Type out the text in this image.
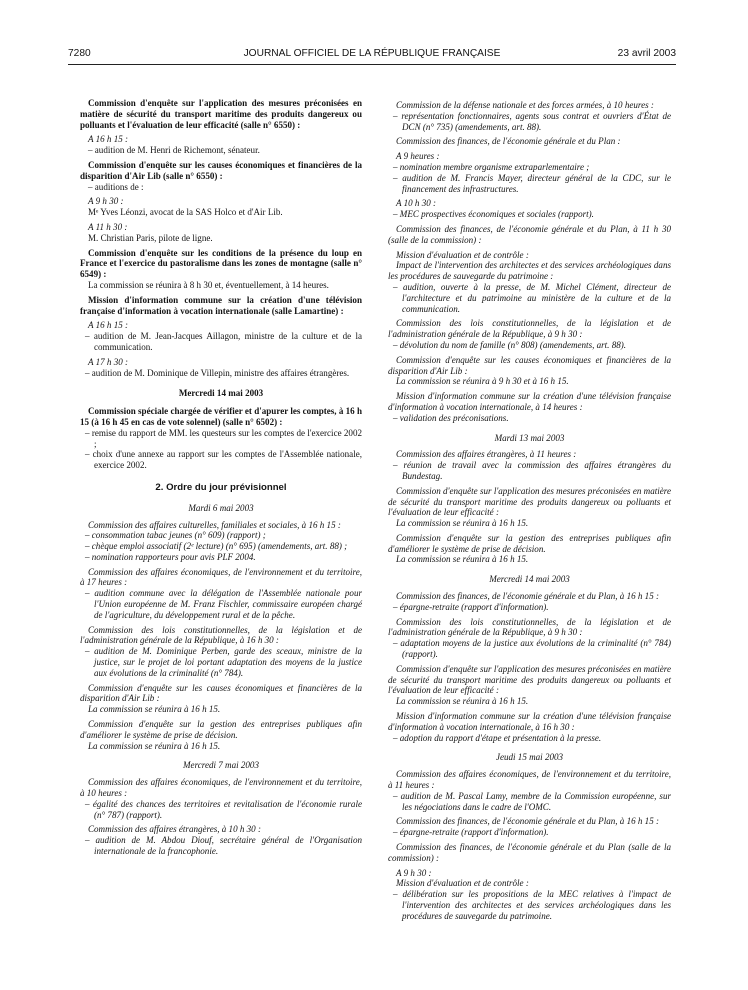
7280	JOURNAL OFFICIEL DE LA RÉPUBLIQUE FRANÇAISE	23 avril 2003

Commission d'enquête sur l'application des mesures préconisées en matière de sécurité du transport maritime des produits dangereux ou polluants et l'évaluation de leur efficacité (salle n° 6550) :

A 16 h 15 :

– audition de M. Henri de Richemont, sénateur.

Commission d'enquête sur les causes économiques et financières de la disparition d'Air Lib (salle n° 6550) :

– auditions de :

A 9 h 30 :

Mᵉ Yves Léonzi, avocat de la SAS Holco et d'Air Lib.

A 11 h 30 :

M. Christian Paris, pilote de ligne.

Commission d'enquête sur les conditions de la présence du loup en France et l'exercice du pastoralisme dans les zones de montagne (salle n° 6549) :

La commission se réunira à 8 h 30 et, éventuellement, à 14 heures.

Mission d'information commune sur la création d'une télévision française d'information à vocation internationale (salle Lamartine) :

A 16 h 15 :

– audition de M. Jean-Jacques Aillagon, ministre de la culture et de la communication.

A 17 h 30 :

– audition de M. Dominique de Villepin, ministre des affaires étrangères.

Mercredi 14 mai 2003

Commission spéciale chargée de vérifier et d'apurer les comptes, à 16 h 15 (à 16 h 45 en cas de vote solennel) (salle n° 6502) :

– remise du rapport de MM. les questeurs sur les comptes de l'exercice 2002 ;

– choix d'une annexe au rapport sur les comptes de l'Assemblée nationale, exercice 2002.

2. Ordre du jour prévisionnel

Mardi 6 mai 2003

Commission des affaires culturelles, familiales et sociales, à 16 h 15 :

– consommation tabac jeunes (n° 609) (rapport) ;

– chèque emploi associatif (2ᵉ lecture) (n° 695) (amendements, art. 88) ;

– nomination rapporteurs pour avis PLF 2004.

Commission des affaires économiques, de l'environnement et du territoire, à 17 heures :

– audition commune avec la délégation de l'Assemblée nationale pour l'Union européenne de M. Franz Fischler, commissaire européen chargé de l'agriculture, du développement rural et de la pêche.

Commission des lois constitutionnelles, de la législation et de l'administration générale de la République, à 16 h 30 :

– audition de M. Dominique Perben, garde des sceaux, ministre de la justice, sur le projet de loi portant adaptation des moyens de la justice aux évolutions de la criminalité (n° 784).

Commission d'enquête sur les causes économiques et financières de la disparition d'Air Lib :

La commission se réunira à 16 h 15.

Commission d'enquête sur la gestion des entreprises publiques afin d'améliorer le système de prise de décision.

La commission se réunira à 16 h 15.

Mercredi 7 mai 2003

Commission des affaires économiques, de l'environnement et du territoire, à 10 heures :

– égalité des chances des territoires et revitalisation de l'économie rurale (n° 787) (rapport).

Commission des affaires étrangères, à 10 h 30 :

– audition de M. Abdou Diouf, secrétaire général de l'Organisation internationale de la francophonie.

Commission de la défense nationale et des forces armées, à 10 heures :

– représentation fonctionnaires, agents sous contrat et ouvriers d'État de DCN (n° 735) (amendements, art. 88).

Commission des finances, de l'économie générale et du Plan :

A 9 heures :

– nomination membre organisme extraparlementaire ;

– audition de M. Francis Mayer, directeur général de la CDC, sur le financement des infrastructures.

A 10 h 30 :

– MEC prospectives économiques et sociales (rapport).

Commission des finances, de l'économie générale et du Plan, à 11 h 30 (salle de la commission) :

Mission d'évaluation et de contrôle :

Impact de l'intervention des architectes et des services archéologiques dans les procédures de sauvegarde du patrimoine :

– audition, ouverte à la presse, de M. Michel Clément, directeur de l'architecture et du patrimoine au ministère de la culture et de la communication.

Commission des lois constitutionnelles, de la législation et de l'administration générale de la République, à 9 h 30 :

– dévolution du nom de famille (n° 808) (amendements, art. 88).

Commission d'enquête sur les causes économiques et financières de la disparition d'Air Lib :

La commission se réunira à 9 h 30 et à 16 h 15.

Mission d'information commune sur la création d'une télévision française d'information à vocation internationale, à 14 heures :

– validation des préconisations.

Mardi 13 mai 2003

Commission des affaires étrangères, à 11 heures :

– réunion de travail avec la commission des affaires étrangères du Bundestag.

Commission d'enquête sur l'application des mesures préconisées en matière de sécurité du transport maritime des produits dangereux ou polluants et l'évaluation de leur efficacité :

La commission se réunira à 16 h 15.

Commission d'enquête sur la gestion des entreprises publiques afin d'améliorer le système de prise de décision.

La commission se réunira à 16 h 15.

Mercredi 14 mai 2003

Commission des finances, de l'économie générale et du Plan, à 16 h 15 :

– épargne-retraite (rapport d'information).

Commission des lois constitutionnelles, de la législation et de l'administration générale de la République, à 9 h 30 :

– adaptation moyens de la justice aux évolutions de la criminalité (n° 784) (rapport).

Commission d'enquête sur l'application des mesures préconisées en matière de sécurité du transport maritime des produits dangereux ou polluants et l'évaluation de leur efficacité :

La commission se réunira à 16 h 15.

Mission d'information commune sur la création d'une télévision française d'information à vocation internationale, à 16 h 30 :

– adoption du rapport d'étape et présentation à la presse.

Jeudi 15 mai 2003

Commission des affaires économiques, de l'environnement et du territoire, à 11 heures :

– audition de M. Pascal Lamy, membre de la Commission européenne, sur les négociations dans le cadre de l'OMC.

Commission des finances, de l'économie générale et du Plan, à 16 h 15 :

– épargne-retraite (rapport d'information).

Commission des finances, de l'économie générale et du Plan (salle de la commission) :

A 9 h 30 :

Mission d'évaluation et de contrôle :

– délibération sur les propositions de la MEC relatives à l'impact de l'intervention des architectes et des services archéologiques dans les procédures de sauvegarde du patrimoine.
